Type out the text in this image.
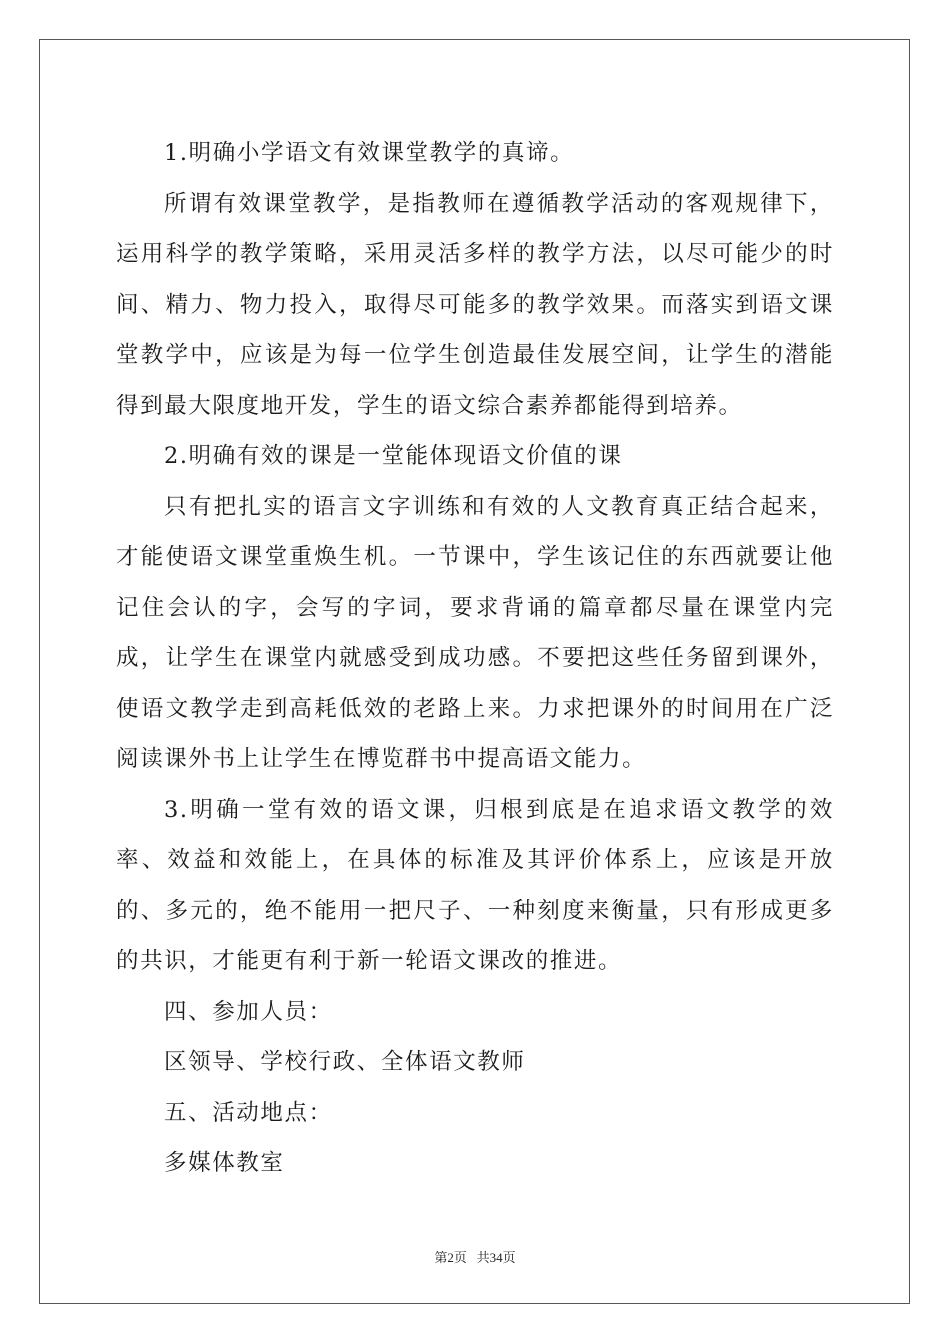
1.明确小学语文有效课堂教学的真谛。

所谓有效课堂教学，是指教师在遵循教学活动的客观规律下，运用科学的教学策略，采用灵活多样的教学方法，以尽可能少的时间、精力、物力投入，取得尽可能多的教学效果。而落实到语文课堂教学中，应该是为每一位学生创造最佳发展空间，让学生的潜能得到最大限度地开发，学生的语文综合素养都能得到培养。

2.明确有效的课是一堂能体现语文价值的课

只有把扎实的语言文字训练和有效的人文教育真正结合起来，才能使语文课堂重焕生机。一节课中，学生该记住的东西就要让他记住会认的字，会写的字词，要求背诵的篇章都尽量在课堂内完成，让学生在课堂内就感受到成功感。不要把这些任务留到课外，使语文教学走到高耗低效的老路上来。力求把课外的时间用在广泛阅读课外书上让学生在博览群书中提高语文能力。

3.明确一堂有效的语文课，归根到底是在追求语文教学的效率、效益和效能上，在具体的标准及其评价体系上，应该是开放的、多元的，绝不能用一把尺子、一种刻度来衡量，只有形成更多的共识，才能更有利于新一轮语文课改的推进。

四、参加人员：

区领导、学校行政、全体语文教师

五、活动地点：

多媒体教室

第2页 共34页
